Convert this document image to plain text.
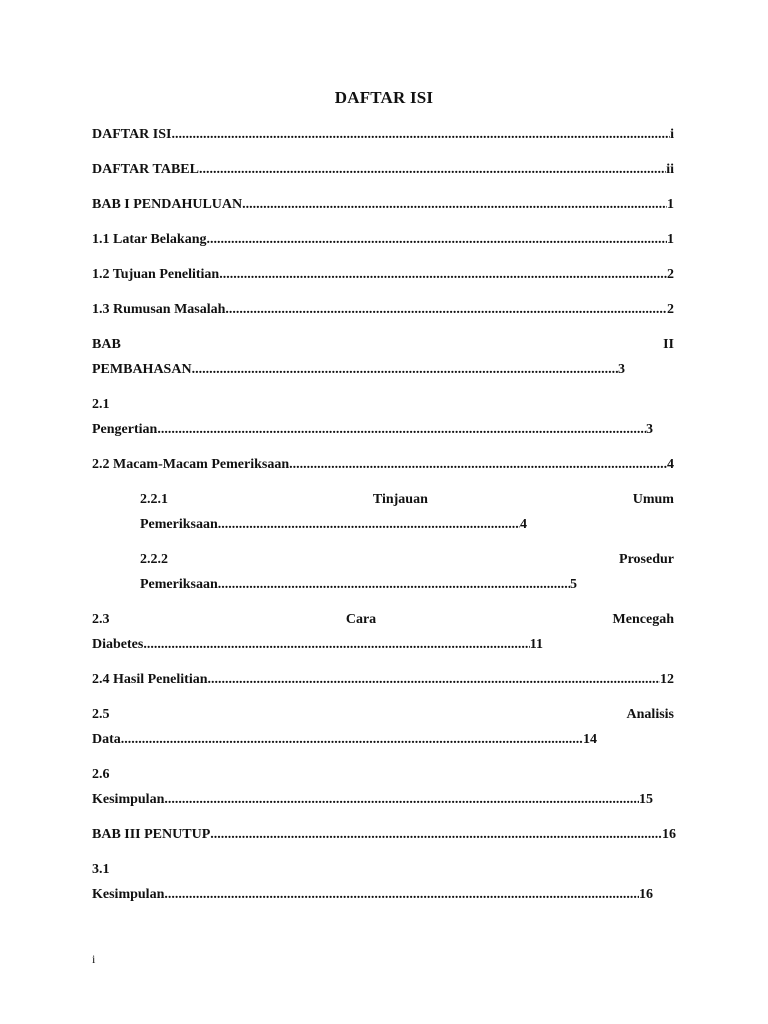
DAFTAR ISI
DAFTAR ISI .....	i
DAFTAR TABEL .....	ii
BAB I PENDAHULUAN .....	1
1.1 Latar Belakang .....	1
1.2 Tujuan Penelitian .....	2
1.3 Rumusan Masalah .....	2
BAB	II
PEMBAHASAN .....	3
2.1
Pengertian .....	3
2.2 Macam-Macam Pemeriksaan .....	4
2.2.1	Tinjauan	Umum
Pemeriksaan .....	4
2.2.2	Prosedur
Pemeriksaan .....	5
2.3	Cara	Mencegah
Diabetes .....	11
2.4 Hasil Penelitian .....	12
2.5	Analisis
Data .....	14
2.6
Kesimpulan .....	15
BAB III PENUTUP .....	16
3.1
Kesimpulan .....	16
i
